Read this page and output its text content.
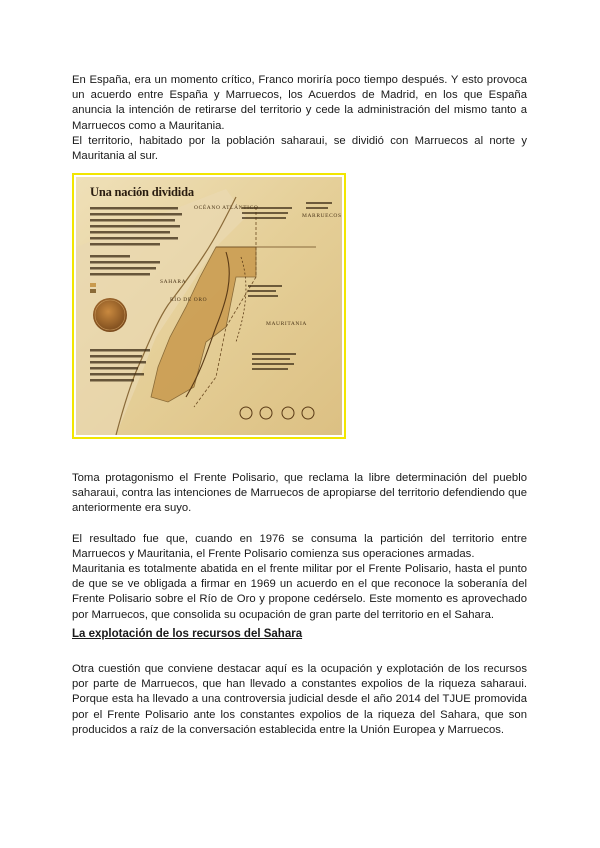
En España, era un momento crítico, Franco moriría poco tiempo después. Y esto provoca un acuerdo entre España y Marruecos, los Acuerdos de Madrid, en los que España anuncia la intención de retirarse del territorio y cede la administración del mismo tanto a Marruecos como a Mauritania.

El territorio, habitado por la población saharaui, se dividió con Marruecos al norte y Mauritania al sur.

Una nación dividida
OCÉANO ATLÁNTICO
MARRUECOS
SAHARA
MAURITANIA
RÍO DE ORO

Toma protagonismo el Frente Polisario, que reclama la libre determinación del pueblo saharaui, contra las intenciones de Marruecos de apropiarse del territorio defendiendo que anteriormente era suyo.

El resultado fue que, cuando en 1976 se consuma la partición del territorio entre Marruecos y Mauritania, el Frente Polisario comienza sus operaciones armadas.

Mauritania es totalmente abatida en el frente militar por el Frente Polisario, hasta el punto de que se ve obligada a firmar en 1969 un acuerdo en el que reconoce la soberanía del Frente Polisario sobre el Río de Oro y propone cedérselo. Este momento es aprovechado por Marruecos, que consolida su ocupación de gran parte del territorio en el Sahara.

La explotación de los recursos del Sahara

Otra cuestión que conviene destacar aquí es la ocupación y explotación de los recursos por parte de Marruecos, que han llevado a constantes expolios de la riqueza saharaui. Porque esta ha llevado a una controversia judicial desde el año 2014 del TJUE promovida por el Frente Polisario ante los constantes expolios de la riqueza del Sahara, que son producidos a raíz de la conversación establecida entre la Unión Europea y Marruecos.
